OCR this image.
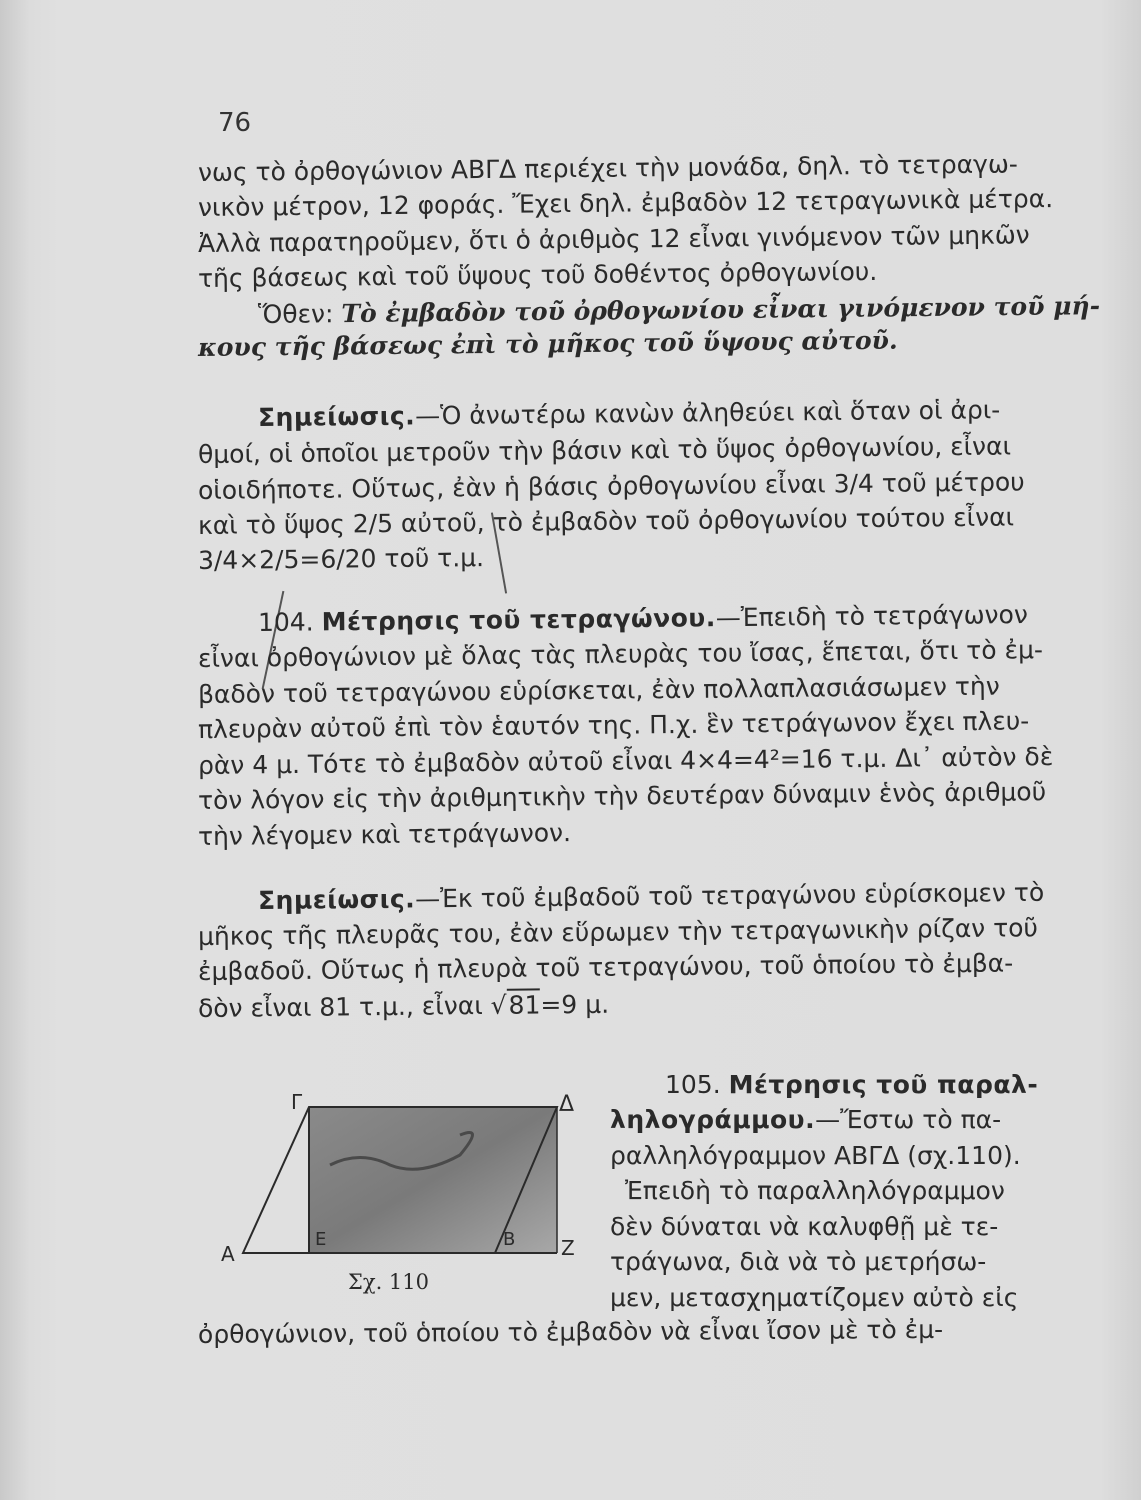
76
νως τὸ ὀρθογώνιον ΑΒΓΔ περιέχει τὴν μονάδα, δηλ. τὸ τετραγω-
νικὸν μέτρον, 12 φοράς. Ἔχει δηλ. ἐμβαδὸν 12 τετραγωνικὰ μέτρα.
Ἀλλὰ παρατηροῦμεν, ὅτι ὁ ἀριθμὸς 12 εἶναι γινόμενον τῶν μηκῶν
τῆς βάσεως καὶ τοῦ ὕψους τοῦ δοθέντος ὀρθογωνίου.
Ὅθεν: Τὸ ἐμβαδὸν τοῦ ὀρθογωνίου εἶναι γινόμενον τοῦ μή-
κους τῆς βάσεως ἐπὶ τὸ μῆκος τοῦ ὕψους αὐτοῦ.
Σημείωσις.—Ὁ ἀνωτέρω κανὼν ἀληθεύει καὶ ὅταν οἱ ἀρι-
θμοί, οἱ ὁποῖοι μετροῦν τὴν βάσιν καὶ τὸ ὕψος ὀρθογωνίου, εἶναι
οἱοιδήποτε. Οὕτως, ἐὰν ἡ βάσις ὀρθογωνίου εἶναι 3/4 τοῦ μέτρου
καὶ τὸ ὕψος 2/5 αὐτοῦ, τὸ ἐμβαδὸν τοῦ ὀρθογωνίου τούτου εἶναι
3/4×2/5=6/20 τοῦ τ.μ.
104. Μέτρησις τοῦ τετραγώνου.—Ἐπειδὴ τὸ τετράγωνον
εἶναι ὀρθογώνιον μὲ ὅλας τὰς πλευρὰς του ἴσας, ἕπεται, ὅτι τὸ ἐμ-
βαδὸν τοῦ τετραγώνου εὑρίσκεται, ἐὰν πολλαπλασιάσωμεν τὴν
πλευρὰν αὐτοῦ ἐπὶ τὸν ἑαυτόν της. Π.χ. ἓν τετράγωνον ἔχει πλευ-
ρὰν 4 μ. Τότε τὸ ἐμβαδὸν αὐτοῦ εἶναι 4×4=4²=16 τ.μ. Δι᾽ αὐτὸν δὲ
τὸν λόγον εἰς τὴν ἀριθμητικὴν τὴν δευτέραν δύναμιν ἑνὸς ἀριθμοῦ
τὴν λέγομεν καὶ τετράγωνον.
Σημείωσις.—Ἐκ τοῦ ἐμβαδοῦ τοῦ τετραγώνου εὑρίσκομεν τὸ
μῆκος τῆς πλευρᾶς του, ἐὰν εὕρωμεν τὴν τετραγωνικὴν ρίζαν τοῦ
ἐμβαδοῦ. Οὕτως ἡ πλευρὰ τοῦ τετραγώνου, τοῦ ὁποίου τὸ ἐμβα-
δὸν εἶναι 81 τ.μ., εἶναι √81=9 μ.
105. Μέτρησις τοῦ παραλ-
ληλογράμμου.—Ἔστω τὸ πα-
ραλληλόγραμμον ΑΒΓΔ (σχ.110).
Ἐπειδὴ τὸ παραλληλόγραμμον
δὲν δύναται νὰ καλυφθῇ μὲ τε-
τράγωνα, διὰ νὰ τὸ μετρήσω-
μεν, μετασχηματίζομεν αὐτὸ εἰς
ὀρθογώνιον, τοῦ ὁποίου τὸ ἐμβαδὸν νὰ εἶναι ἴσον μὲ τὸ ἐμ-
Α
Γ	Δ
E	B Z
Σχ. 110
